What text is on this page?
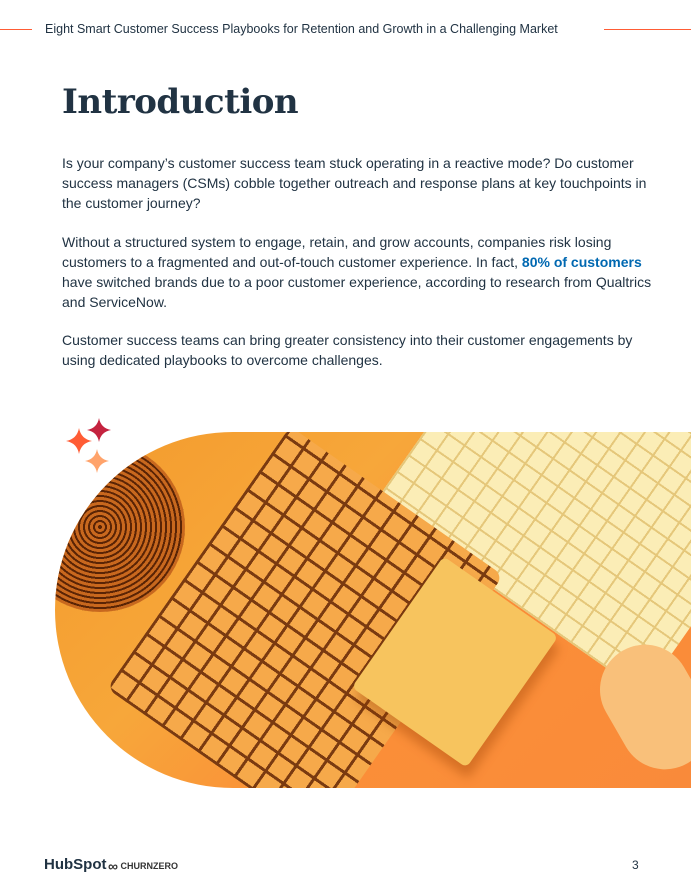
Eight Smart Customer Success Playbooks for Retention and Growth in a Challenging Market
Introduction

Is your company’s customer success team stuck operating in a reactive mode? Do customer success managers (CSMs) cobble together outreach and response plans at key touchpoints in the customer journey?

Without a structured system to engage, retain, and grow accounts, companies risk losing customers to a fragmented and out-of-touch customer experience. In fact, 80% of customers have switched brands due to a poor customer experience, according to research from Qualtrics and ServiceNow.

Customer success teams can bring greater consistency into their customer engagements by using dedicated playbooks to overcome challenges.

HubSpot ∞ CHURNZERO	3
